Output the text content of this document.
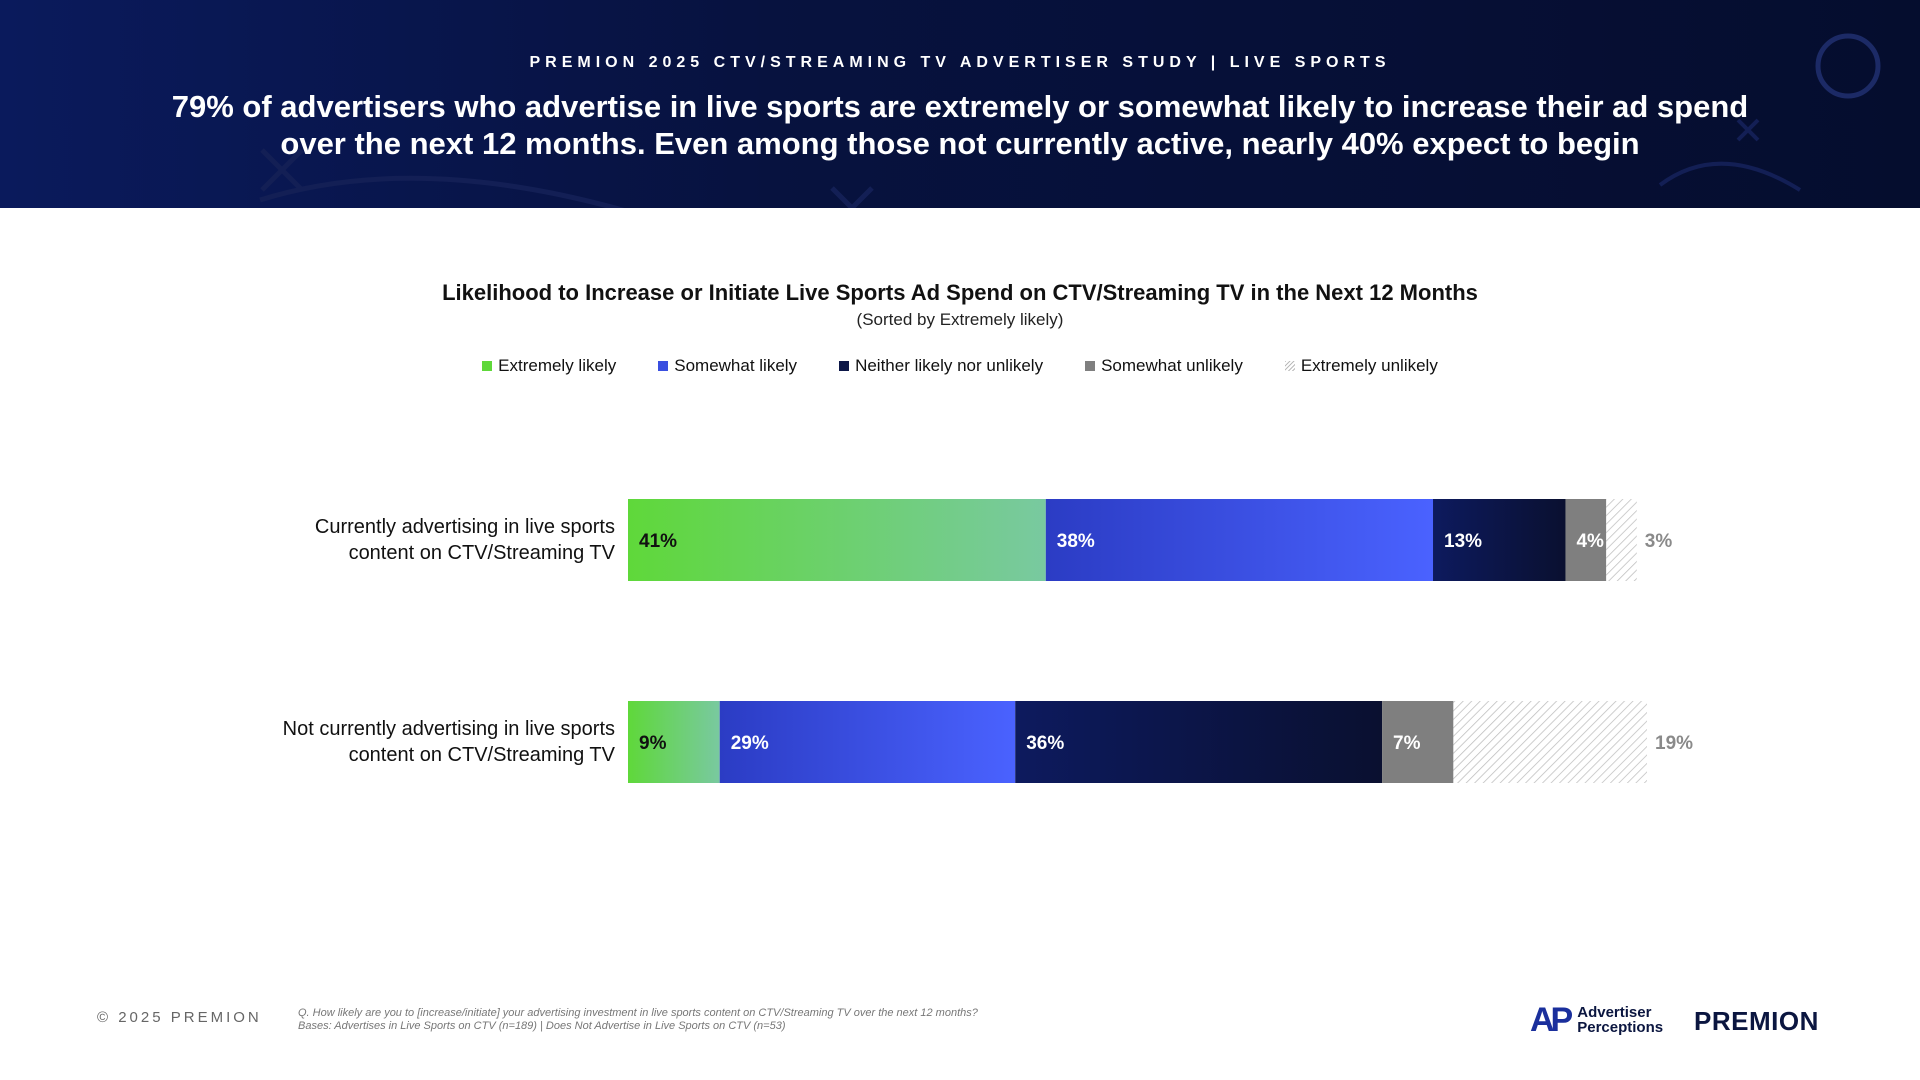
PREMION 2025 CTV/STREAMING TV ADVERTISER STUDY | LIVE SPORTS
79% of advertisers who advertise in live sports are extremely or somewhat likely to increase their ad spend over the next 12 months. Even among those not currently active, nearly 40% expect to begin
Likelihood to Increase or Initiate Live Sports Ad Spend on CTV/Streaming TV in the Next 12 Months
(Sorted by Extremely likely)
Extremely likely	Somewhat likely	Neither likely nor unlikely	Somewhat unlikely	Extremely unlikely
Currently advertising in live sports content on CTV/Streaming TV
Not currently advertising in live sports content on CTV/Streaming TV
41%	38%	13%	4% 3%
9%	29%	36%	7%	19%
© 2025 PREMION	Q. How likely are you to [increase/initiate] your advertising investment in live sports content on CTV/Streaming TV over the next 12 months?
Bases: Advertises in Live Sports on CTV (n=189) | Does Not Advertise in Live Sports on CTV (n=53)	AP Advertiser
Perceptions PREMION
